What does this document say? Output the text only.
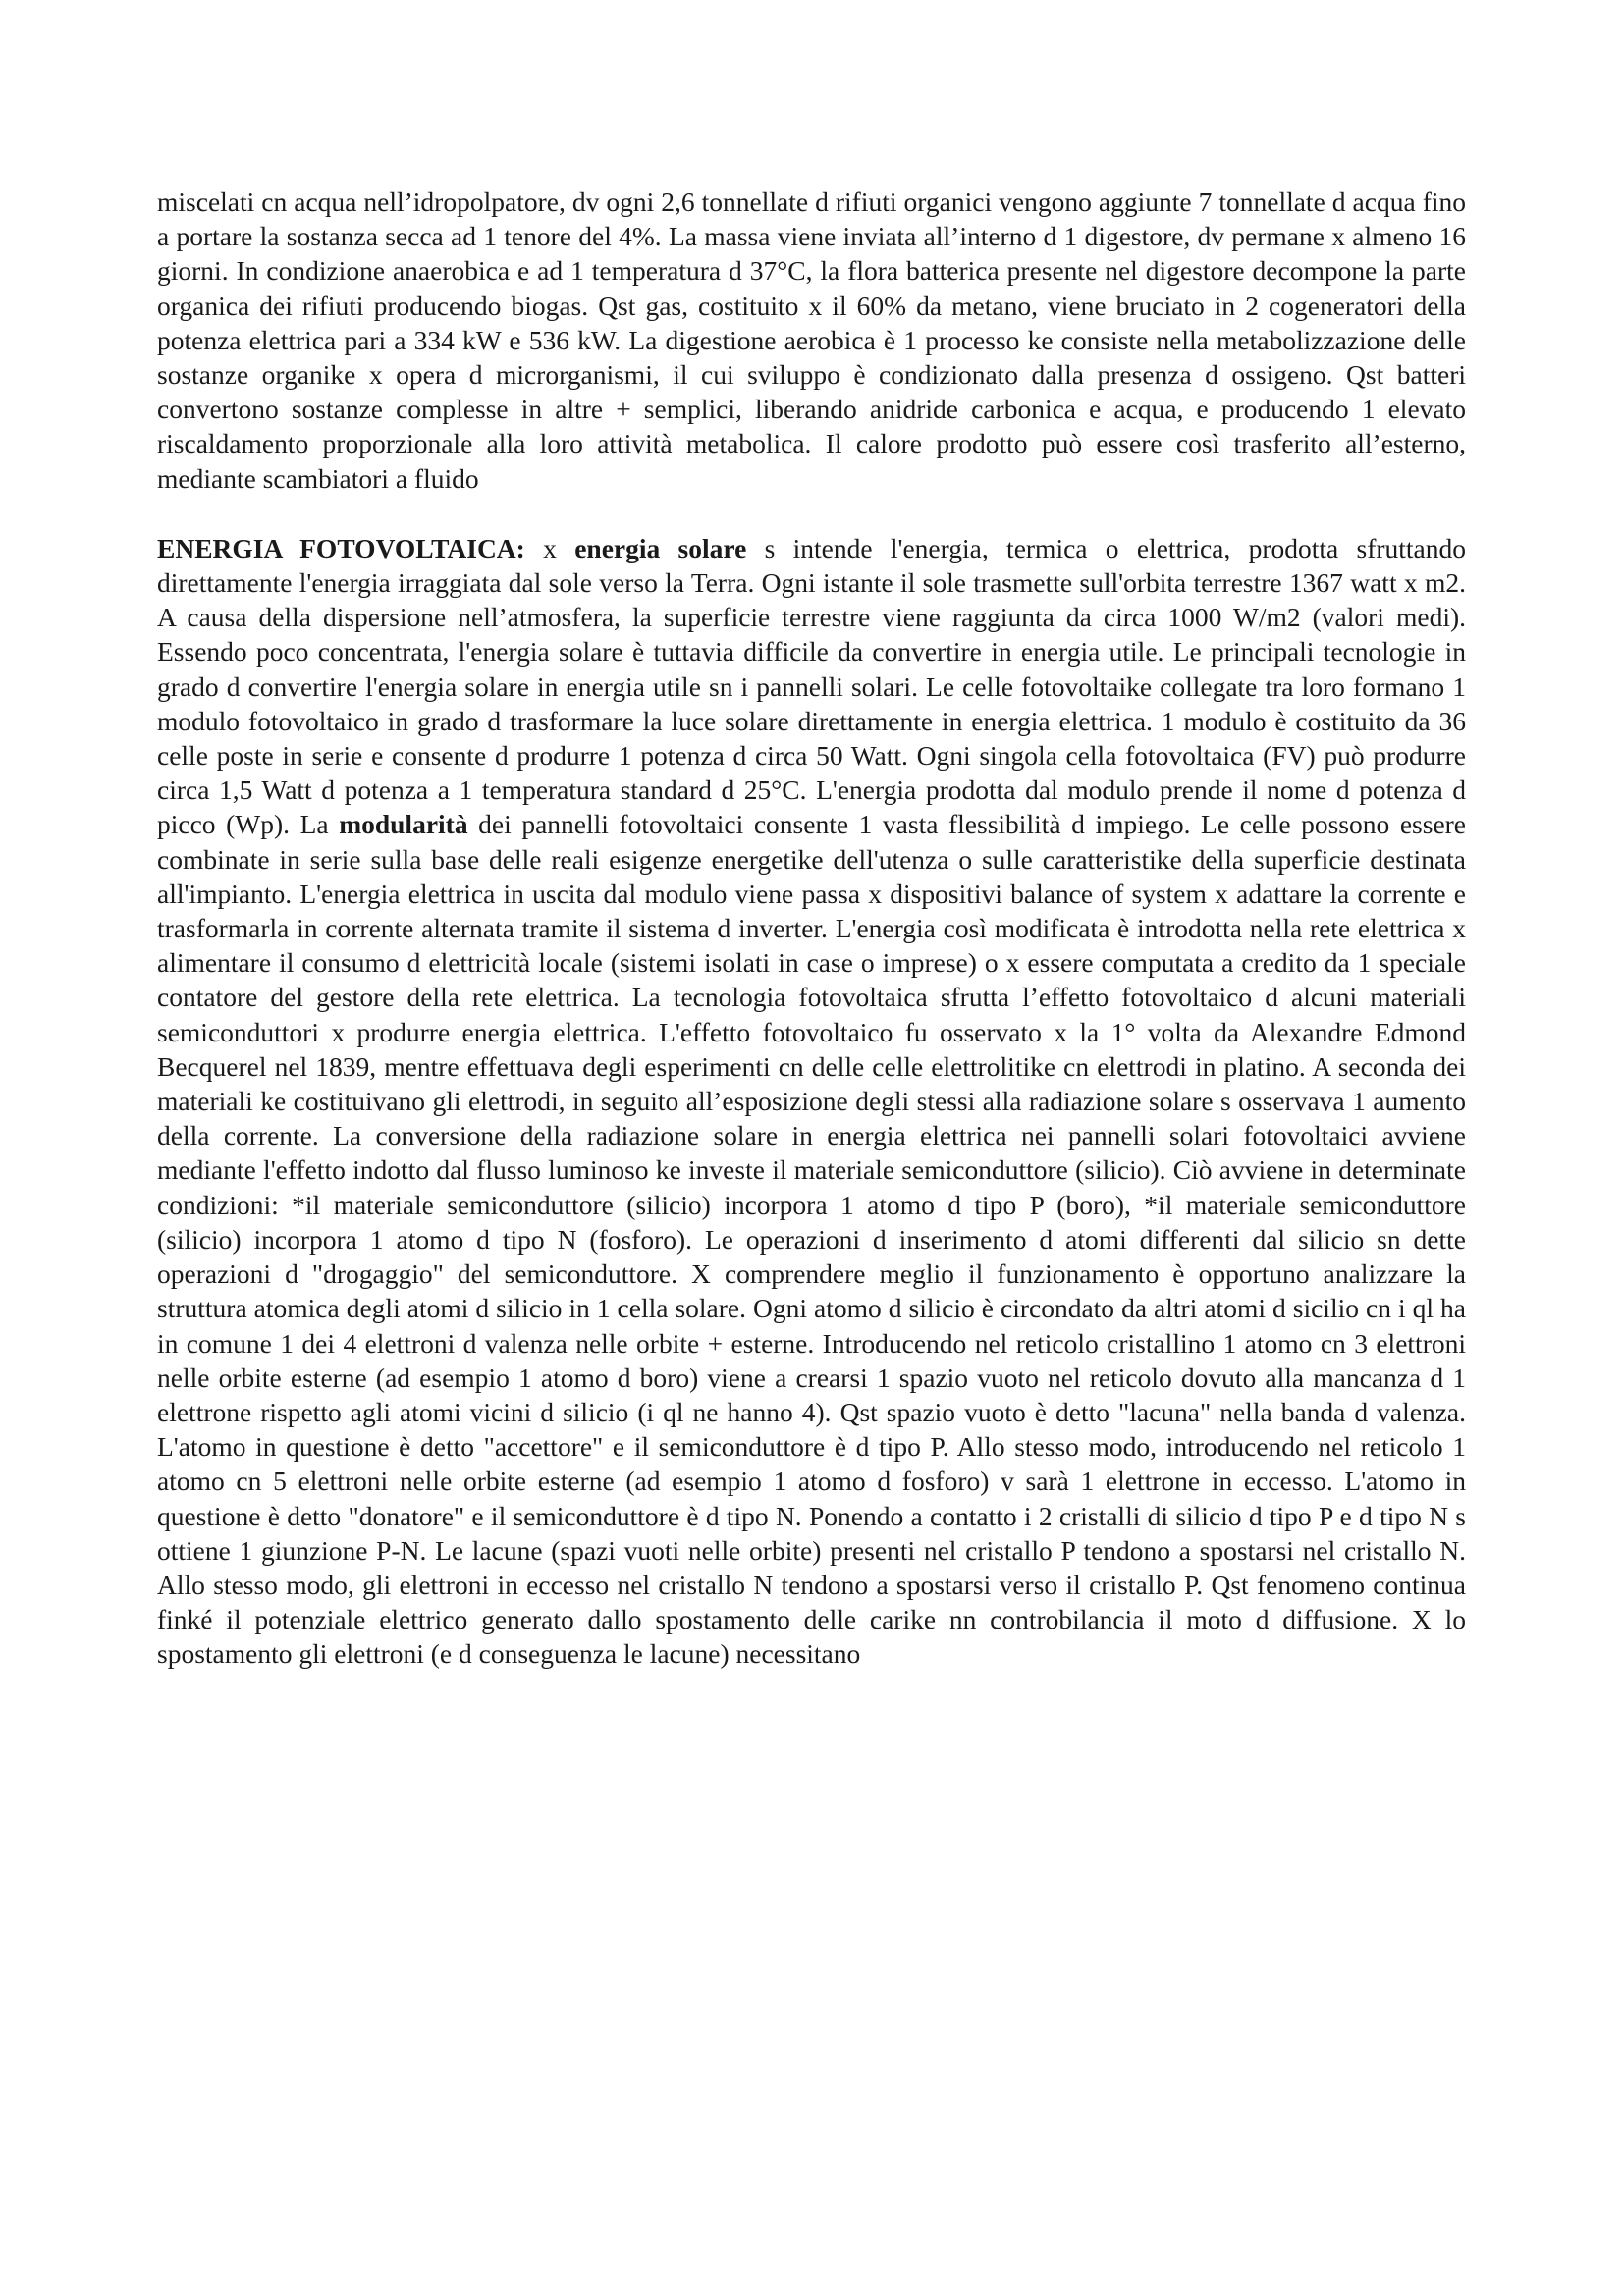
miscelati cn acqua nell’idropolpatore, dv ogni 2,6 tonnellate d rifiuti organici vengono aggiunte 7 tonnellate d acqua fino a portare la sostanza secca ad 1 tenore del 4%. La massa viene inviata all’interno d 1 digestore, dv permane x almeno 16 giorni. In condizione anaerobica e ad 1 temperatura d 37°C, la flora batterica presente nel digestore decompone la parte organica dei rifiuti producendo biogas. Qst gas, costituito x il 60% da metano, viene bruciato in 2 cogeneratori della potenza elettrica pari a 334 kW e 536 kW. La digestione aerobica è 1 processo ke consiste nella metabolizzazione delle sostanze organike x opera d microrganismi, il cui sviluppo è condizionato dalla presenza d ossigeno. Qst batteri convertono sostanze complesse in altre + semplici, liberando anidride carbonica e acqua, e producendo 1 elevato riscaldamento proporzionale alla loro attività metabolica. Il calore prodotto può essere così trasferito all’esterno, mediante scambiatori a fluido

ENERGIA FOTOVOLTAICA: x energia solare s intende l'energia, termica o elettrica, prodotta sfruttando direttamente l'energia irraggiata dal sole verso la Terra. Ogni istante il sole trasmette sull'orbita terrestre 1367 watt x m2. A causa della dispersione nell’atmosfera, la superficie terrestre viene raggiunta da circa 1000 W/m2 (valori medi). Essendo poco concentrata, l'energia solare è tuttavia difficile da convertire in energia utile. Le principali tecnologie in grado d convertire l'energia solare in energia utile sn i pannelli solari. Le celle fotovoltaike collegate tra loro formano 1 modulo fotovoltaico in grado d trasformare la luce solare direttamente in energia elettrica. 1 modulo è costituito da 36 celle poste in serie e consente d produrre 1 potenza d circa 50 Watt. Ogni singola cella fotovoltaica (FV) può produrre circa 1,5 Watt d potenza a 1 temperatura standard d 25°C. L'energia prodotta dal modulo prende il nome d potenza d picco (Wp). La modularità dei pannelli fotovoltaici consente 1 vasta flessibilità d impiego. Le celle possono essere combinate in serie sulla base delle reali esigenze energetike dell'utenza o sulle caratteristike della superficie destinata all'impianto. L'energia elettrica in uscita dal modulo viene passa x dispositivi balance of system x adattare la corrente e trasformarla in corrente alternata tramite il sistema d inverter. L'energia così modificata è introdotta nella rete elettrica x alimentare il consumo d elettricità locale (sistemi isolati in case o imprese) o x essere computata a credito da 1 speciale contatore del gestore della rete elettrica. La tecnologia fotovoltaica sfrutta l’effetto fotovoltaico d alcuni materiali semiconduttori x produrre energia elettrica. L'effetto fotovoltaico fu osservato x la 1° volta da Alexandre Edmond Becquerel nel 1839, mentre effettuava degli esperimenti cn delle celle elettrolitike cn elettrodi in platino. A seconda dei materiali ke costituivano gli elettrodi, in seguito all’esposizione degli stessi alla radiazione solare s osservava 1 aumento della corrente. La conversione della radiazione solare in energia elettrica nei pannelli solari fotovoltaici avviene mediante l'effetto indotto dal flusso luminoso ke investe il materiale semiconduttore (silicio). Ciò avviene in determinate condizioni: *il materiale semiconduttore (silicio) incorpora 1 atomo d tipo P (boro), *il materiale semiconduttore (silicio) incorpora 1 atomo d tipo N (fosforo). Le operazioni d inserimento d atomi differenti dal silicio sn dette operazioni d "drogaggio" del semiconduttore. X comprendere meglio il funzionamento è opportuno analizzare la struttura atomica degli atomi d silicio in 1 cella solare. Ogni atomo d silicio è circondato da altri atomi d sicilio cn i ql ha in comune 1 dei 4 elettroni d valenza nelle orbite + esterne. Introducendo nel reticolo cristallino 1 atomo cn 3 elettroni nelle orbite esterne (ad esempio 1 atomo d boro) viene a crearsi 1 spazio vuoto nel reticolo dovuto alla mancanza d 1 elettrone rispetto agli atomi vicini d silicio (i ql ne hanno 4). Qst spazio vuoto è detto "lacuna" nella banda d valenza. L'atomo in questione è detto "accettore" e il semiconduttore è d tipo P. Allo stesso modo, introducendo nel reticolo 1 atomo cn 5 elettroni nelle orbite esterne (ad esempio 1 atomo d fosforo) v sarà 1 elettrone in eccesso. L'atomo in questione è detto "donatore" e il semiconduttore è d tipo N. Ponendo a contatto i 2 cristalli di silicio d tipo P e d tipo N s ottiene 1 giunzione P-N. Le lacune (spazi vuoti nelle orbite) presenti nel cristallo P tendono a spostarsi nel cristallo N. Allo stesso modo, gli elettroni in eccesso nel cristallo N tendono a spostarsi verso il cristallo P. Qst fenomeno continua finké il potenziale elettrico generato dallo spostamento delle carike nn controbilancia il moto d diffusione. X lo spostamento gli elettroni (e d conseguenza le lacune) necessitano
